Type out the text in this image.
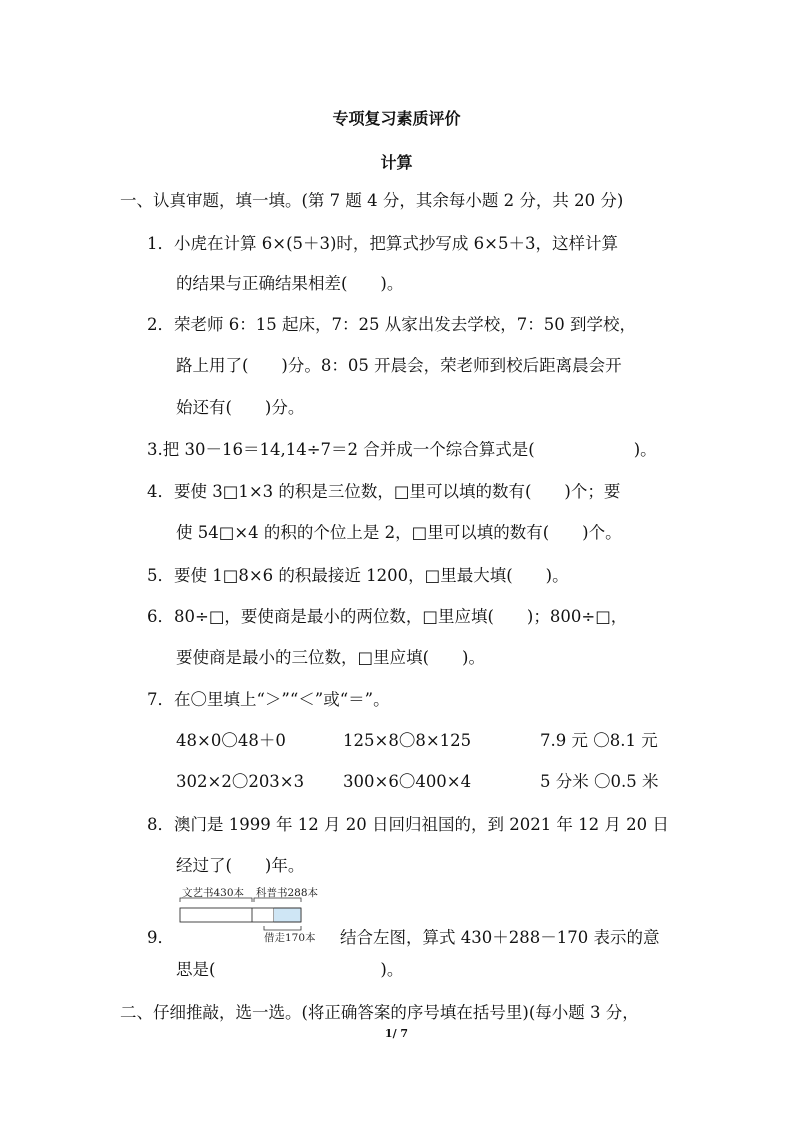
专项复习素质评价
计算
一、认真审题，填一填。(第 7 题 4 分，其余每小题 2 分，共 20 分)
1．小虎在计算 6×(5＋3)时，把算式抄写成 6×5＋3，这样计算
的结果与正确结果相差(　　)。
2．荣老师 6：15 起床，7：25 从家出发去学校，7：50 到学校，
路上用了(　　)分。8：05 开晨会，荣老师到校后距离晨会开
始还有(　　)分。
3.把 30－16＝14,14÷7＝2 合并成一个综合算式是(　　　　　　)。
4．要使 3□1×3 的积是三位数，□里可以填的数有(　　)个；要
使 54□×4 的积的个位上是 2，□里可以填的数有(　　)个。
5．要使 1□8×6 的积最接近 1200，□里最大填(　　)。
6．80÷□，要使商是最小的两位数，□里应填(　　)；800÷□，
要使商是最小的三位数，□里应填(　　)。
7．在〇里填上“＞”“＜”或“＝”。
48×0〇48＋0	125×8〇8×125	7.9 元 〇8.1 元
302×2〇203×3 300×6〇400×4	5 分米 〇0.5 米
8．澳门是 1999 年 12 月 20 日回归祖国的，到 2021 年 12 月 20 日
经过了(　　)年。
文艺书430本 科普书288本
借走170本
9．	结合左图，算式 430＋288－170 表示的意
思是(　　　　　　　　　　)。
二、仔细推敲，选一选。(将正确答案的序号填在括号里)(每小题 3 分，
1/ 7
